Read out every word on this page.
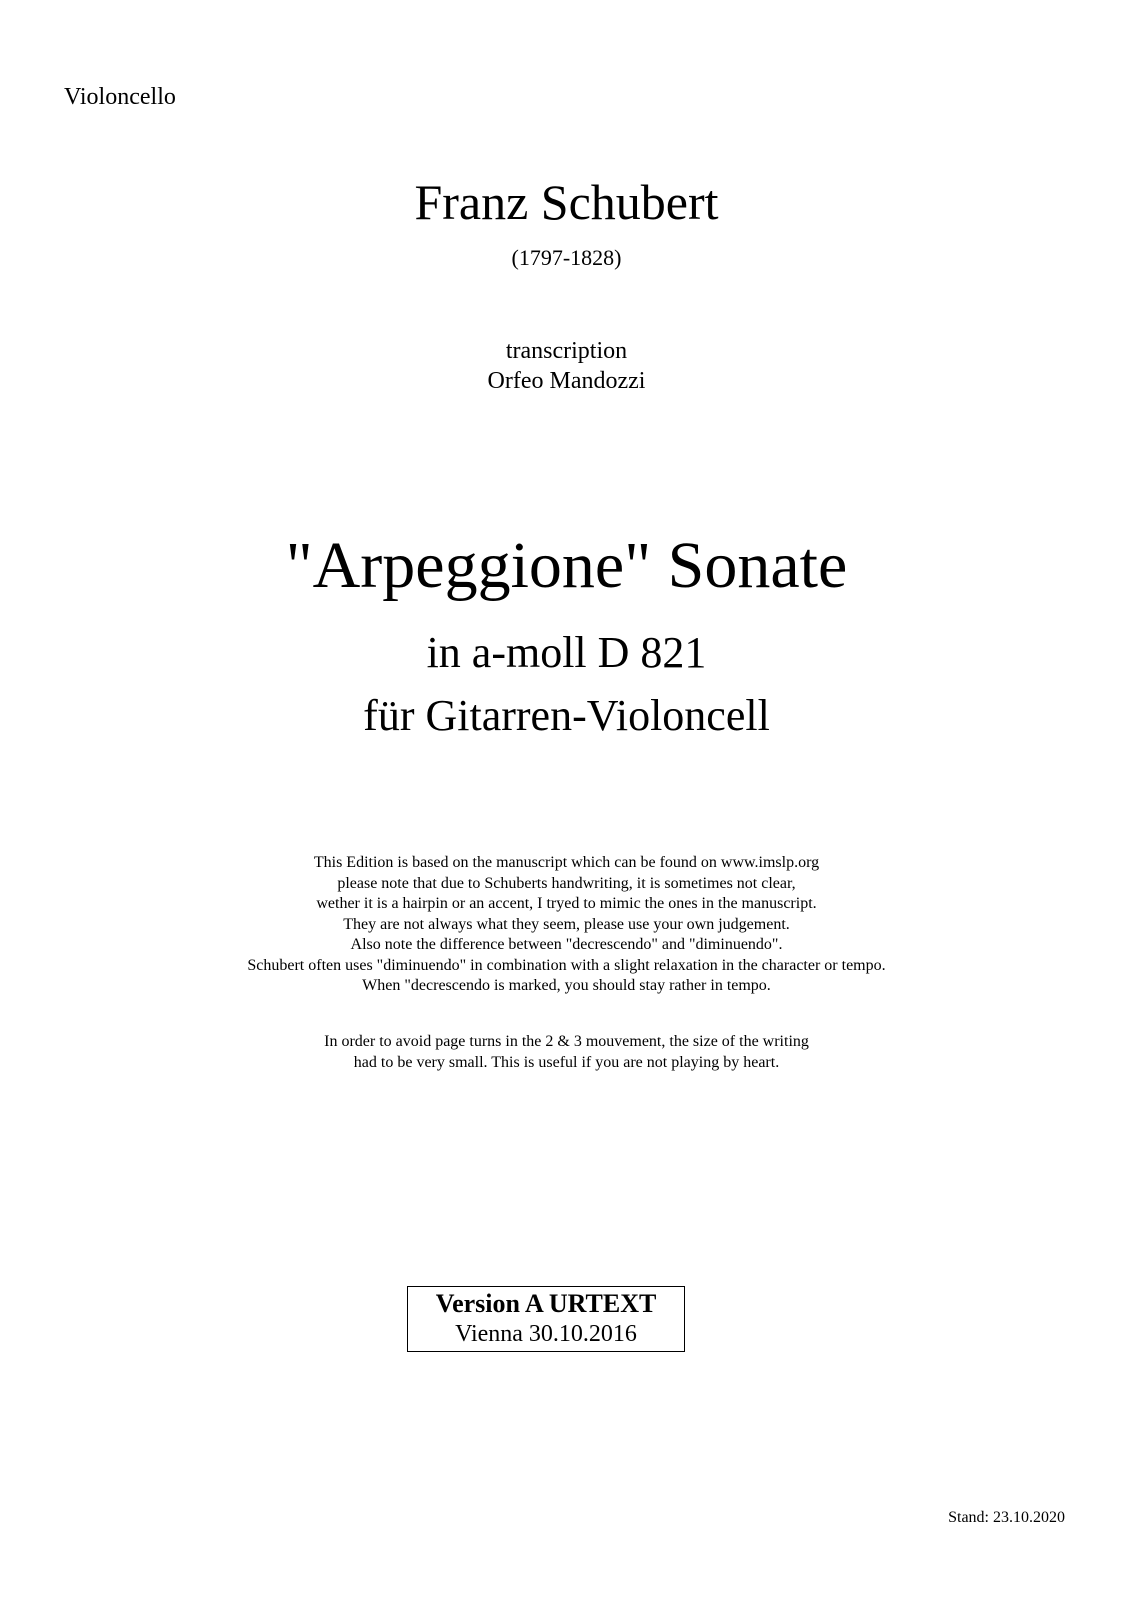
Violoncello
Franz Schubert
(1797-1828)
transcription
Orfeo Mandozzi
"Arpeggione" Sonate
in a-moll D 821
für Gitarren-Violoncell
This Edition is based on the manuscript which can be found on www.imslp.org
please note that due to Schuberts handwriting, it is sometimes not clear,
wether it is a hairpin or an accent, I tryed to mimic the ones in the manuscript.
They are not always what they seem, please use your own judgement.
Also note the difference between "decrescendo" and "diminuendo".
Schubert often uses "diminuendo" in combination with a slight relaxation in the character or tempo.
When "decrescendo is marked, you should stay rather in tempo.
In order to avoid page turns in the 2 & 3 mouvement, the size of the writing
had to be very small. This is useful if you are not playing by heart.
Version A URTEXT
Vienna 30.10.2016
Stand: 23.10.2020
